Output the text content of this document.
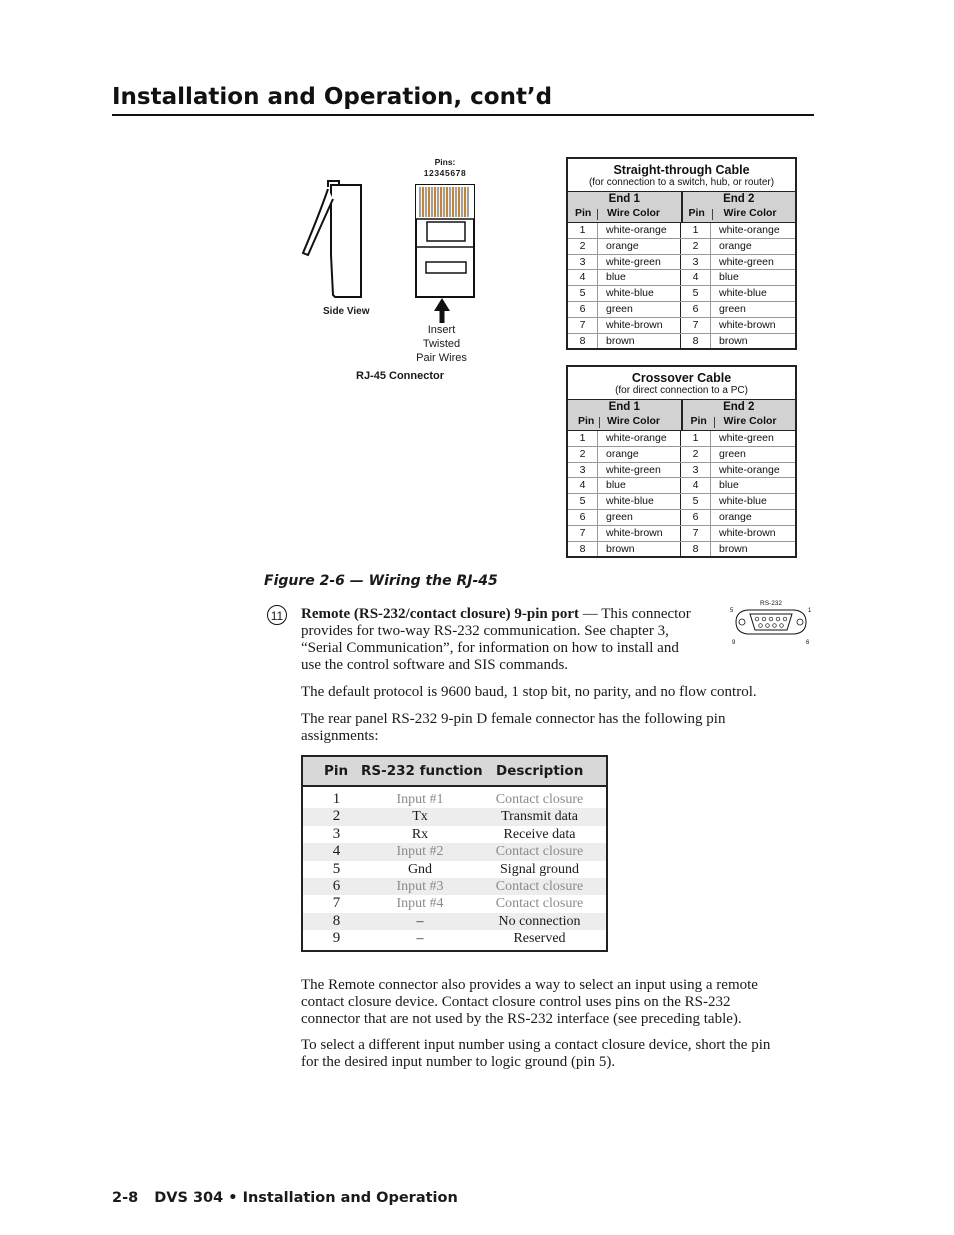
Installation and Operation, cont’d
Pins:
12345678
Side View
Insert
Twisted
Pair Wires
RJ-45 Connector
Straight-through Cable
(for connection to a switch, hub, or router)
End 1
Pin Wire Color
End 2
Pin Wire Color
1	white-orange	1	white-orange
2	orange	2	orange
3	white-green	3	white-green
4	blue	4	blue
5	white-blue	5	white-blue
6	green	6	green
7	white-brown	7	white-brown
8	brown	8	brown
Crossover Cable
(for direct connection to a PC)
End 1
Pin Wire Color
End 2
Pin Wire Color
1	white-orange	1	white-green
2	orange	2	green
3	white-green	3	white-orange
4	blue	4	blue
5	white-blue	5	white-blue
6	green	6	orange
7	white-brown	7	white-brown
8	brown	8	brown
Figure 2-6 — Wiring the RJ-45
11 Remote (RS-232/contact closure) 9-pin port — This connector
provides for two-way RS-232 communication. See chapter 3,
“Serial Communication”, for information on how to install and
use the control software and SIS commands.
RS-232
5	1
9	6
The default protocol is 9600 baud, 1 stop bit, no parity, and no flow control.
The rear panel RS-232 9-pin D female connector has the following pin
assignments:
Pin RS-232 function Description
1	Input #1	Contact closure
2	Tx	Transmit data
3	Rx	Receive data
4	Input #2	Contact closure
5	Gnd	Signal ground
6	Input #3	Contact closure
7	Input #4	Contact closure
8	–	No connection
9	–	Reserved
The Remote connector also provides a way to select an input using a remote
contact closure device. Contact closure control uses pins on the RS-232
connector that are not used by the RS-232 interface (see preceding table).
To select a different input number using a contact closure device, short the pin
for the desired input number to logic ground (pin 5).
2-8 DVS 304 • Installation and Operation
